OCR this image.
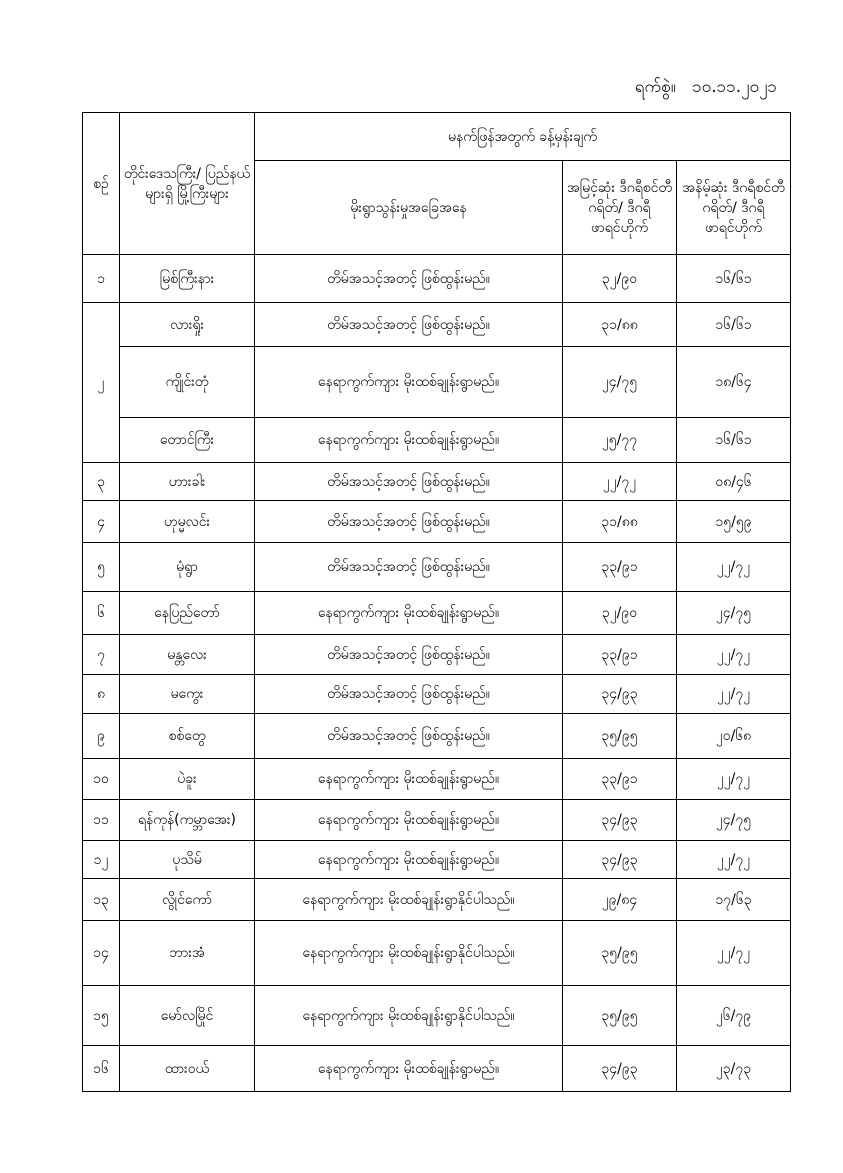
ရက်စွဲ။ ၁၀.၁၁.၂၀၂၁
စဉ်	တိုင်းဒေသကြီး/ ပြည်နယ်များရှိ မြို့ကြီးများ	မနက်ဖြန်အတွက် ခန့်မှန်းချက်		
		မိုးရွာသွန်းမှုအခြေအနေ	အမြင့်ဆုံး ဒီဂရီစင်တီဂရိတ်/ ဒီဂရီဖာရင်ဟိုက်	အနိမ့်ဆုံး ဒီဂရီစင်တီဂရိတ်/ ဒီဂရီဖာရင်ဟိုက်
၁	မြစ်ကြီးနား	တိမ်အသင့်အတင့် ဖြစ်ထွန်းမည်။	၃၂/၉၀	၁၆/၆၁
၂	လားရှိုး	တိမ်အသင့်အတင့် ဖြစ်ထွန်းမည်။	၃၁/၈၈	၁၆/၆၁
	ကျိုင်းတုံ	နေရာကွက်ကျား မိုးထစ်ချုန်းရွာမည်။	၂၄/၇၅	၁၈/၆၄
	တောင်ကြီး	နေရာကွက်ကျား မိုးထစ်ချုန်းရွာမည်။	၂၅/၇၇	၁၆/၆၁
၃	ဟားခါး	တိမ်အသင့်အတင့် ဖြစ်ထွန်းမည်။	၂၂/၇၂	၀၈/၄၆
၄	ဟုမ္မလင်း	တိမ်အသင့်အတင့် ဖြစ်ထွန်းမည်။	၃၁/၈၈	၁၅/၅၉
၅	မုံရွာ	တိမ်အသင့်အတင့် ဖြစ်ထွန်းမည်။	၃၃/၉၁	၂၂/၇၂
၆	နေပြည်တော်	နေရာကွက်ကျား မိုးထစ်ချုန်းရွာမည်။	၃၂/၉၀	၂၄/၇၅
၇	မန္တလေး	တိမ်အသင့်အတင့် ဖြစ်ထွန်းမည်။	၃၃/၉၁	၂၂/၇၂
၈	မကွေး	တိမ်အသင့်အတင့် ဖြစ်ထွန်းမည်။	၃၄/၉၃	၂၂/၇၂
၉	စစ်တွေ	တိမ်အသင့်အတင့် ဖြစ်ထွန်းမည်။	၃၅/၉၅	၂၀/၆၈
၁၀	ပဲခူး	နေရာကွက်ကျား မိုးထစ်ချုန်းရွာမည်။	၃၃/၉၁	၂၂/၇၂
၁၁	ရန်ကုန်(ကမ္ဘာအေး)	နေရာကွက်ကျား မိုးထစ်ချုန်းရွာမည်။	၃၄/၉၃	၂၄/၇၅
၁၂	ပုသိမ်	နေရာကွက်ကျား မိုးထစ်ချုန်းရွာမည်။	၃၄/၉၃	၂၂/၇၂
၁၃	လွိုင်ကော်	နေရာကွက်ကျား မိုးထစ်ချုန်းရွာနိုင်ပါသည်။	၂၉/၈၄	၁၇/၆၃
၁၄	ဘားအံ	နေရာကွက်ကျား မိုးထစ်ချုန်းရွာနိုင်ပါသည်။	၃၅/၉၅	၂၂/၇၂
၁၅	မော်လမြိုင်	နေရာကွက်ကျား မိုးထစ်ချုန်းရွာနိုင်ပါသည်။	၃၅/၉၅	၂၆/၇၉
၁၆	ထားဝယ်	နေရာကွက်ကျား မိုးထစ်ချုန်းရွာမည်။	၃၄/၉၃	၂၃/၇၃
